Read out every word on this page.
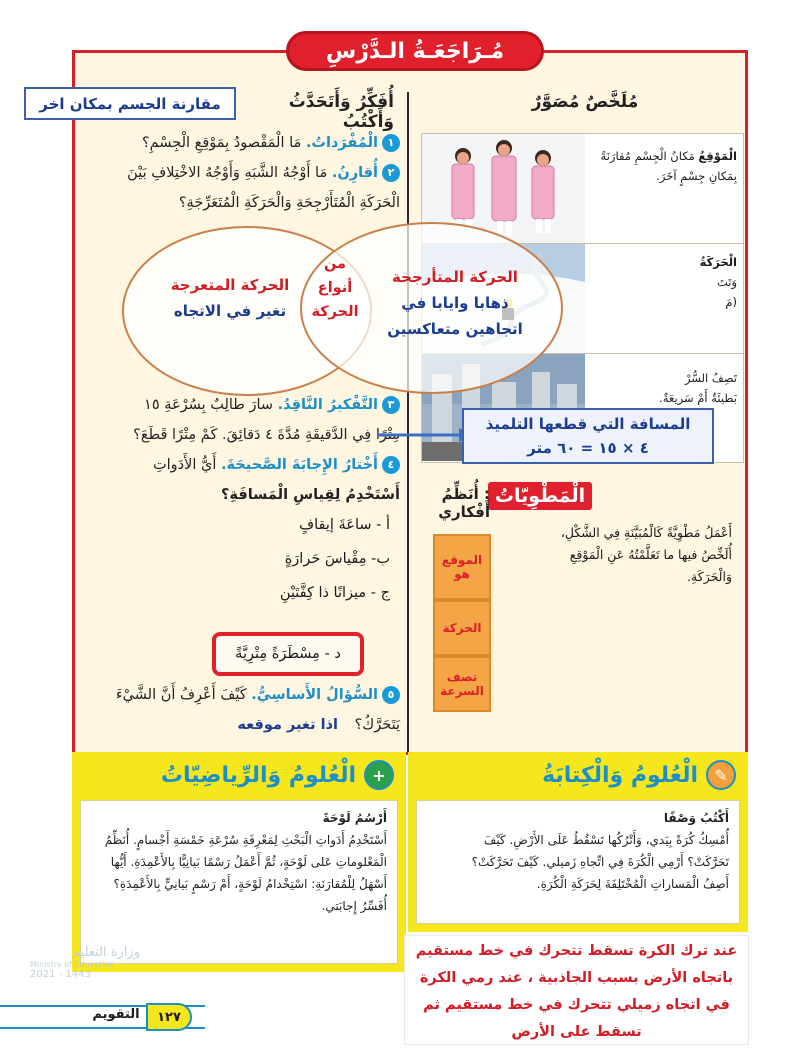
مُـرَاجَعَـةُ الـدَّرْسِ
مُلَخَّصٌ مُصَوَّرٌ
الْمَوْقِعُ مَكانُ الْجِسْمِ مُقارَنَةً
بِمَكانِ جِسْمٍ آخَرَ.
الْحَرَكَةُ
وَتَتَ
(مَ
تَصِفُ السُّرْ
بَطيئَةٌ أَمْ سَريعَةٌ.
أُفَكِّرُ وَأَتَحَدَّثُ وَأَكْتُبُ
مقارنة الجسم بمكان اخر
١الْمُفْرَداتُ. مَا الْمَقْصودُ بِمَوْقِعِ الْجِسْمِ؟
٢أُقارِنُ. مَا أَوْجُهُ الشَّبَهِ وَأَوْجُهُ الاخْتِلافِ بَيْنَ
الْحَرَكَةِ الْمُتَأَرْجِحَةِ وَالْحَرَكَةِ الْمُتَعَرِّجَةِ؟
الحركة المتعرجة
تغير في الاتجاه
من
أنواع
الحركة
الحركة المتأرجحة
ذهابا وايابا في
اتجاهين متعاكسين
٣التَّفْكيرُ النَّاقِدُ. سارَ طالِبٌ بِسُرْعَةِ ١٥
مِتْرًا فِي الدَّقيقَةِ مُدَّةَ ٤ دَقائِقَ. كَمْ مِتْرًا قَطَعَ؟
٤أَخْتارُ الإِجابَةَ الصَّحيحَةَ. أَيُّ الأَدَواتِ
أَسْتَخْدِمُ لِقِياسِ الْمَسافَةِ؟
أ - ساعَةَ إيقافٍ
ب- مِقْياسَ حَرارَةٍ
ج - ميزانًا ذا كِفَّتَيْنِ
د - مِسْطَرَةً مِتْرِيَّةً
٥السُّؤالُ الأَساسِيُّ. كَيْفَ أَعْرِفُ أَنَّ الشَّيْءَ
يَتَحَرَّكُ؟ اذا تغير موقعه
المسافة التي قطعها التلميذ
٤ × ١٥ = ٦٠ متر
الْمَطْوِيّاتُ
: أُنَظِّمُ أَفْكاري
أَعْمَلُ مَطْوِيَّةً كَالْمُبَيَّنَةِ فِي الشَّكْلِ،
أُلَخِّصُ فيها ما تَعَلَّمْتُهُ عَنِ الْمَوْقِعِ
وَالْحَرَكَةِ.
الموقع هو
الحركة
تصف السرعة
✎
الْعُلومُ وَالْكِتابَةُ
أَكْتُبُ وَصْفًا
أُمْسِكُ كُرَةً بِيَدي، وَأَتْرُكُها تَسْقُطُ عَلَى الأَرْضِ. كَيْفَ
تَحَرَّكَتْ؟ أَرْمِي الْكُرَةَ فِي اتِّجاهِ زَميلي. كَيْفَ تَحَرَّكَتْ؟
أَصِفُ الْمَساراتِ الْمُخْتَلِفَةَ لِحَرَكَةِ الْكُرَةِ.
+
الْعُلومُ وَالرِّياضِيّاتُ
أَرْسُمُ لَوْحَةً
أَسْتَخْدِمُ أَدَواتِ الْبَحْثِ لِمَعْرِفَةِ سُرْعَةِ خَمْسَةِ أَجْسامٍ. أُنَظِّمُ
الْمَعْلوماتِ عَلى لَوْحَةٍ، ثُمَّ أَعْمَلُ رَسْمًا بَيانِيًّا بِالأَعْمِدَةِ. أَيُّها
أَسْهَلُ لِلْمُقارَنَةِ: اسْتِخْدامُ لَوْحَةٍ، أَمْ رَسْمٍ بَيانِيٍّ بِالأَعْمِدَةِ؟
أُفَسِّرُ إِجابَتي.
عند ترك الكرة تسقط تتحرك في خط مستقيم باتجاه الأرض بسبب الجاذبية ، عند رمي الكرة في اتجاه زميلي تتحرك في خط مستقيم ثم تسقط على الأرض
١٢٧
التقويم
وزارة التعليم
Ministry of Education
2021 - 1443
